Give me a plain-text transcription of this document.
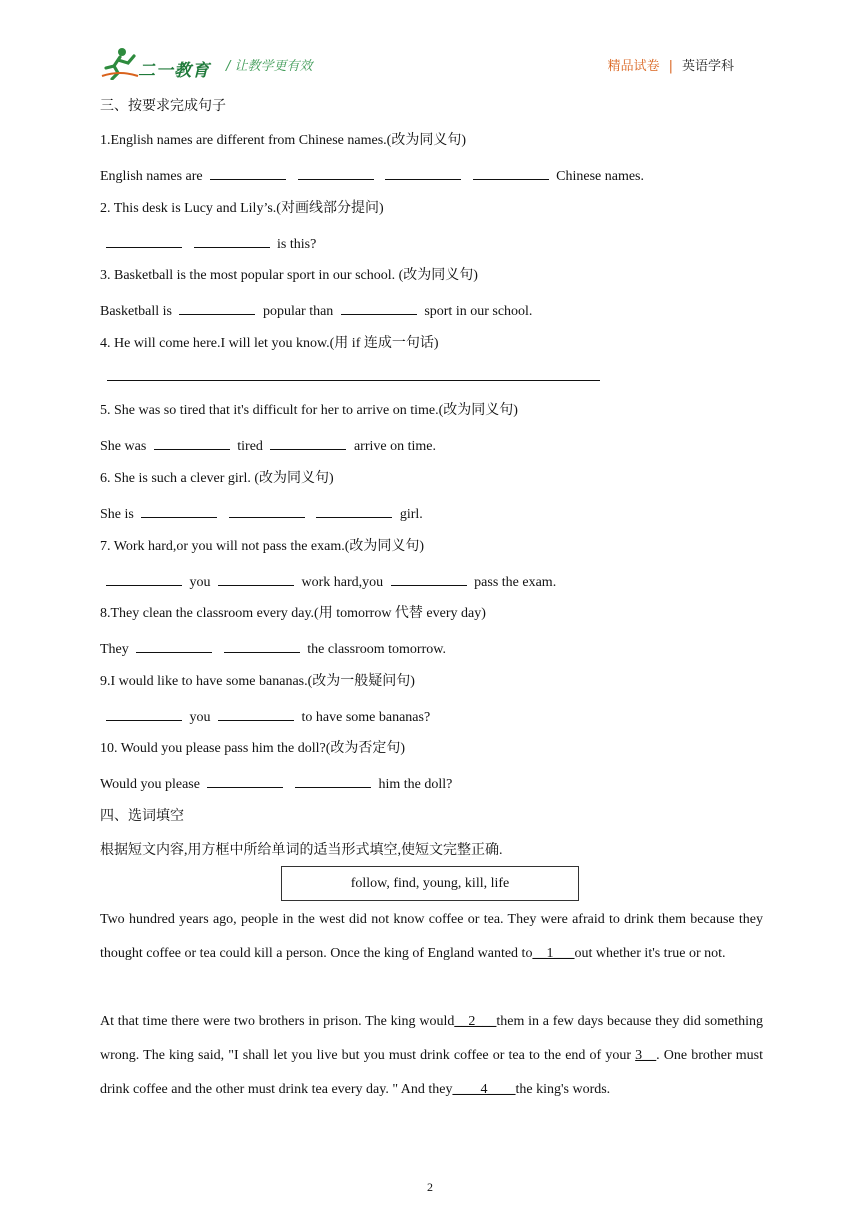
二一教育 / 让教学更有效	精品试卷 | 英语学科
三、按要求完成句子
1.English names are different from Chinese names.(改为同义句)
English names are	Chinese names.
2. This desk is Lucy and Lily’s.(对画线部分提问)
is this?
3. Basketball is the most popular sport in our school. (改为同义句)
Basketball is	popular than	sport in our school.
4. He will come here.I will let you know.(用 if 连成一句话)
5. She was so tired that it's difficult for her to arrive on time.(改为同义句)
She was	tired	arrive on time.
6. She is such a clever girl. (改为同义句)
She is	girl.
7. Work hard,or you will not pass the exam.(改为同义句)
you	work hard,you	pass the exam.
8.They clean the classroom every day.(用 tomorrow 代替 every day)
They	the classroom tomorrow.
9.I would like to have some bananas.(改为一般疑问句)
you	to have some bananas?
10. Would you please pass him the doll?(改为否定句)
Would you please	him the doll?
四、选词填空
根据短文内容,用方框中所给单词的适当形式填空,使短文完整正确.
follow, find, young, kill, life
Two hundred years ago, people in the west did not know coffee or tea. They were afraid to drink them because they thought coffee or tea could kill a person. Once the king of England wanted to__1___out whether it's true or not.
At that time there were two brothers in prison. The king would__2___them in a few days because they did something wrong. The king said, "I shall let you live but you must drink coffee or tea to the end of your 3__. One brother must drink coffee and the other must drink tea every day. " And they____4____the king's words.
2
